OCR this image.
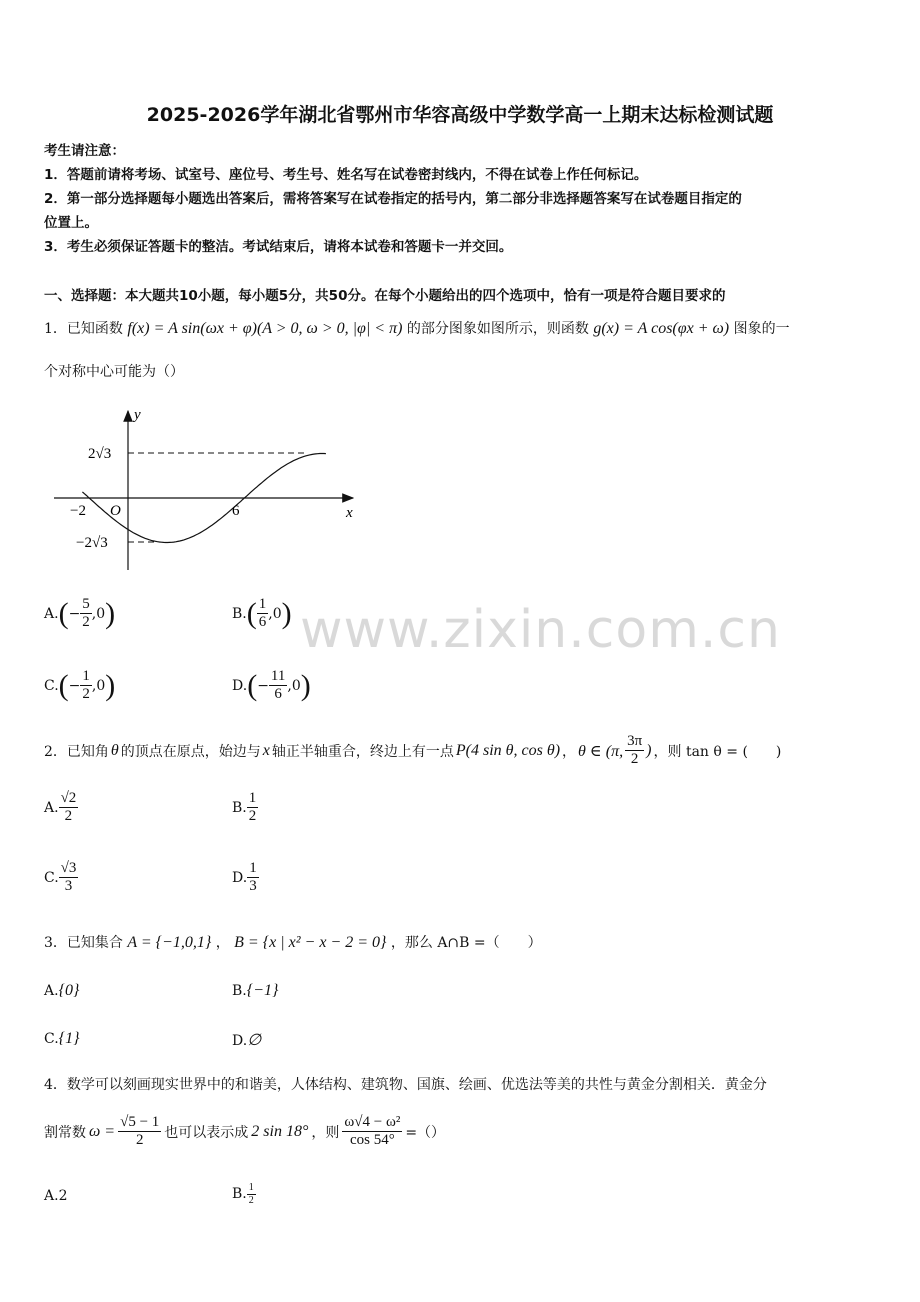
2025-2026学年湖北省鄂州市华容高级中学数学高一上期末达标检测试题
考生请注意：
1．答题前请将考场、试室号、座位号、考生号、姓名写在试卷密封线内，不得在试卷上作任何标记。
2．第一部分选择题每小题选出答案后，需将答案写在试卷指定的括号内，第二部分非选择题答案写在试卷题目指定的
位置上。
3．考生必须保证答题卡的整洁。考试结束后，请将本试卷和答题卡一并交回。
一、选择题：本大题共10小题，每小题5分，共50分。在每个小题给出的四个选项中，恰有一项是符合题目要求的
1．已知函数 f(x) = A sin(ωx + φ)(A > 0, ω > 0, |φ| < π) 的部分图象如图所示，则函数 g(x) = A cos(φx + ω) 图象的一
个对称中心可能为（）
y
x
O
−2	6
2√3
−2√3
$A.(- \frac{5}{2} ,0)$	$B.( \frac{1}{6} ,0)$
$C.(- \frac{1}{2} ,0)$	$D.(- \frac{11}{6} ,0)$
2．已知角 θ 的顶点在原点，始边与 x 轴正半轴重合，终边上有一点 P(4 sin θ, cos θ) ， θ ∈ (π, $\frac{3\pi}{2}$ ) ，则 tan θ = (　　)
A. $\frac{√2}{2}$	B. $\frac{1}{2}$
C. $\frac{√3}{3}$	D. $\frac{1}{3}$
3．已知集合 A = {−1,0,1} ， B = {x | x² − x − 2 = 0} ，那么 A∩B =（　　）
A.{0}	B.{−1}
C.{1}	D.∅
4．数学可以刻画现实世界中的和谐美，人体结构、建筑物、国旗、绘画、优选法等美的共性与黄金分割相关．黄金分
割常数 $\omega = \frac{√5 - 1}{2}$ 也可以表示成 2 sin 18° ，则 $\frac{\text{ω√4 − ω²}}{\cos 54^\circ}$ =（）
A.2	B. $\frac{1}{2}$
www.zixin.com.cn
